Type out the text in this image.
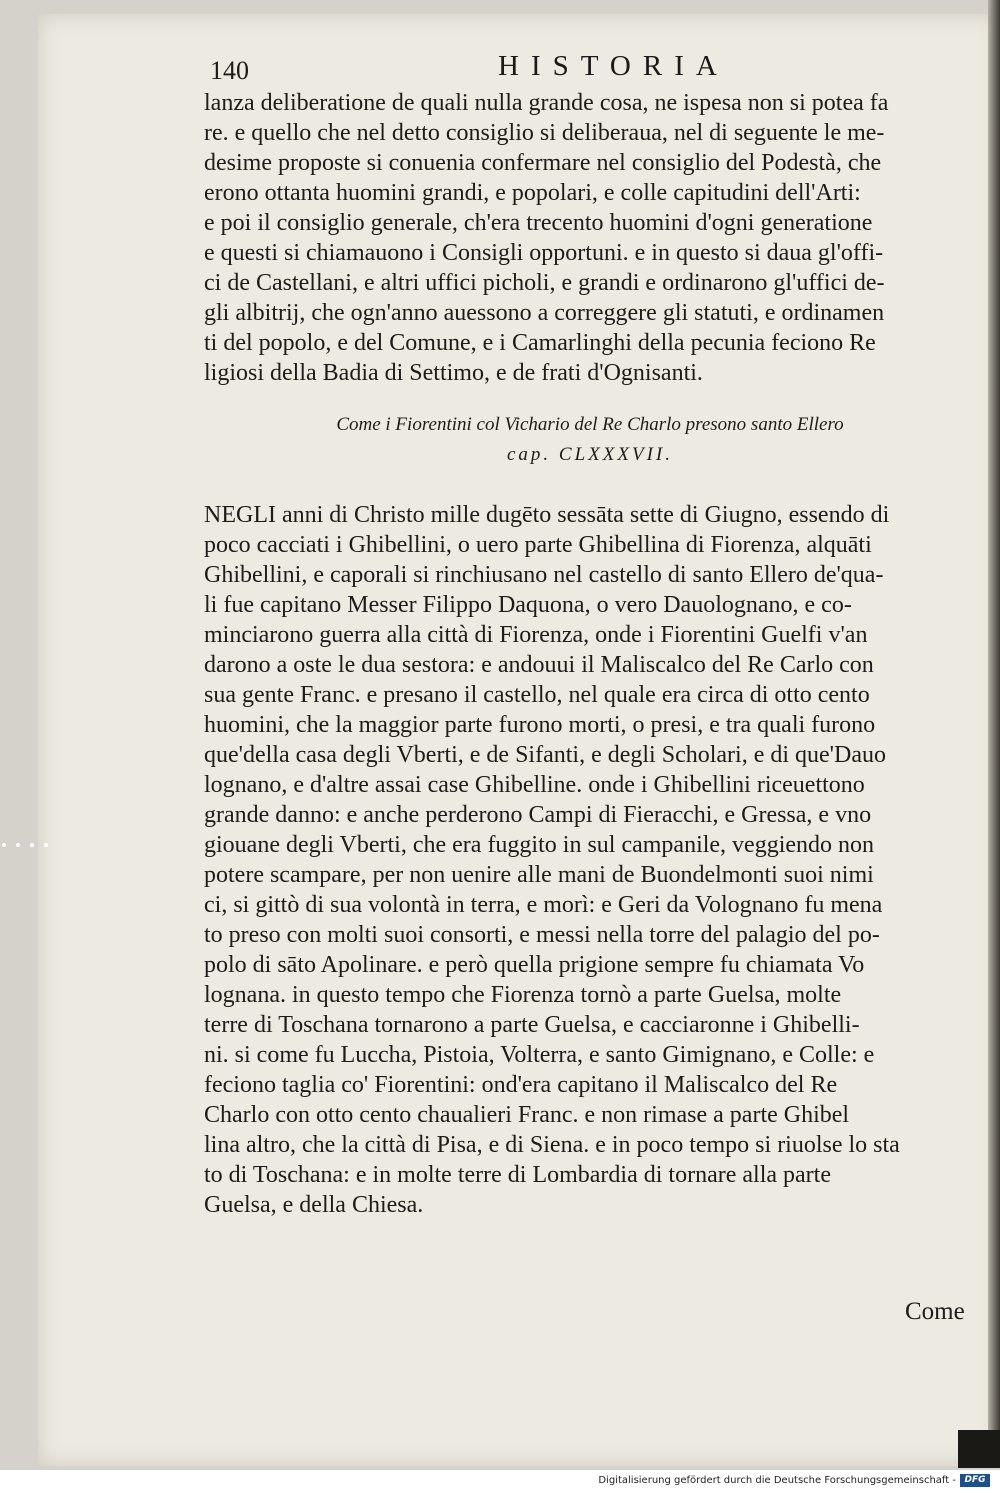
140	HISTORIA
lanza deliberatione de quali nulla grande cosa, ne ispesa non si potea fa
re. e quello che nel detto consiglio si deliberaua, nel di seguente le me-
desime proposte si conuenia confermare nel consiglio del Podestà, che
erono ottanta huomini grandi, e popolari, e colle capitudini dell'Arti:
e poi il consiglio generale, ch'era trecento huomini d'ogni generatione
e questi si chiamauono i Consigli opportuni. e in questo si daua gl'offi-
ci de Castellani, e altri uffici picholi, e grandi e ordinarono gl'uffici de-
gli albitrij, che ogn'anno auessono a correggere gli statuti, e ordinamen
ti del popolo, e del Comune, e i Camarlinghi della pecunia feciono Re
ligiosi della Badia di Settimo, e de frati d'Ognisanti.
Come i Fiorentini col Vichario del Re Charlo presono santo Ellero
cap. CLXXXVII.
NEGLI anni di Christo mille dugēto sessāta sette di Giugno, essendo di
poco cacciati i Ghibellini, o uero parte Ghibellina di Fiorenza, alquāti
Ghibellini, e caporali si rinchiusano nel castello di santo Ellero de'qua-
li fue capitano Messer Filippo Daquona, o vero Dauolognano, e co-
minciarono guerra alla città di Fiorenza, onde i Fiorentini Guelfi v'an
darono a oste le dua sestora: e andouui il Maliscalco del Re Carlo con
sua gente Franc. e presano il castello, nel quale era circa di otto cento
huomini, che la maggior parte furono morti, o presi, e tra quali furono
que'della casa degli Vberti, e de Sifanti, e degli Scholari, e di que'Dauo
lognano, e d'altre assai case Ghibelline. onde i Ghibellini riceuettono
grande danno: e anche perderono Campi di Fieracchi, e Gressa, e vno
giouane degli Vberti, che era fuggito in sul campanile, veggiendo non
potere scampare, per non uenire alle mani de Buondelmonti suoi nimi
ci, si gittò di sua volontà in terra, e morì: e Geri da Volognano fu mena
to preso con molti suoi consorti, e messi nella torre del palagio del po-
polo di sāto Apolinare. e però quella prigione sempre fu chiamata Vo
lognana. in questo tempo che Fiorenza tornò a parte Guelsa, molte
terre di Toschana tornarono a parte Guelsa, e cacciaronne i Ghibelli-
ni. si come fu Luccha, Pistoia, Volterra, e santo Gimignano, e Colle: e
feciono taglia co' Fiorentini: ond'era capitano il Maliscalco del Re
Charlo con otto cento chaualieri Franc. e non rimase a parte Ghibel
lina altro, che la città di Pisa, e di Siena. e in poco tempo si riuolse lo sta
to di Toschana: e in molte terre di Lombardia di tornare alla parte
Guelsa, e della Chiesa.
Come
Digitalisierung gefördert durch die Deutsche Forschungsgemeinschaft - DFG
